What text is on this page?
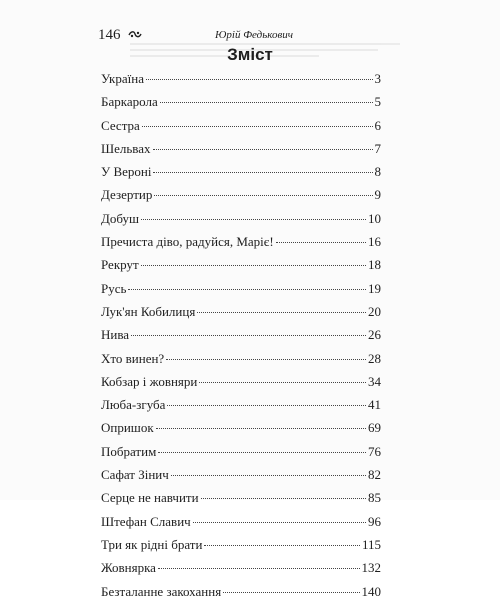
146	Юрій Федькович
Зміст
Україна	3
Баркарола	5
Сестра	6
Шельвах	7
У Вероні	8
Дезертир	9
Добуш	10
Пречиста діво, радуйся, Маріє!	16
Рекрут	18
Русь	19
Лук'ян Кобилиця	20
Нива	26
Хто винен?	28
Кобзар і жовняри	34
Люба-згуба	41
Опришок	69
Побратим	76
Сафат Зінич	82
Серце не навчити	85
Штефан Славич	96
Три як рідні брати	115
Жовнярка	132
Безталанне закохання	140
